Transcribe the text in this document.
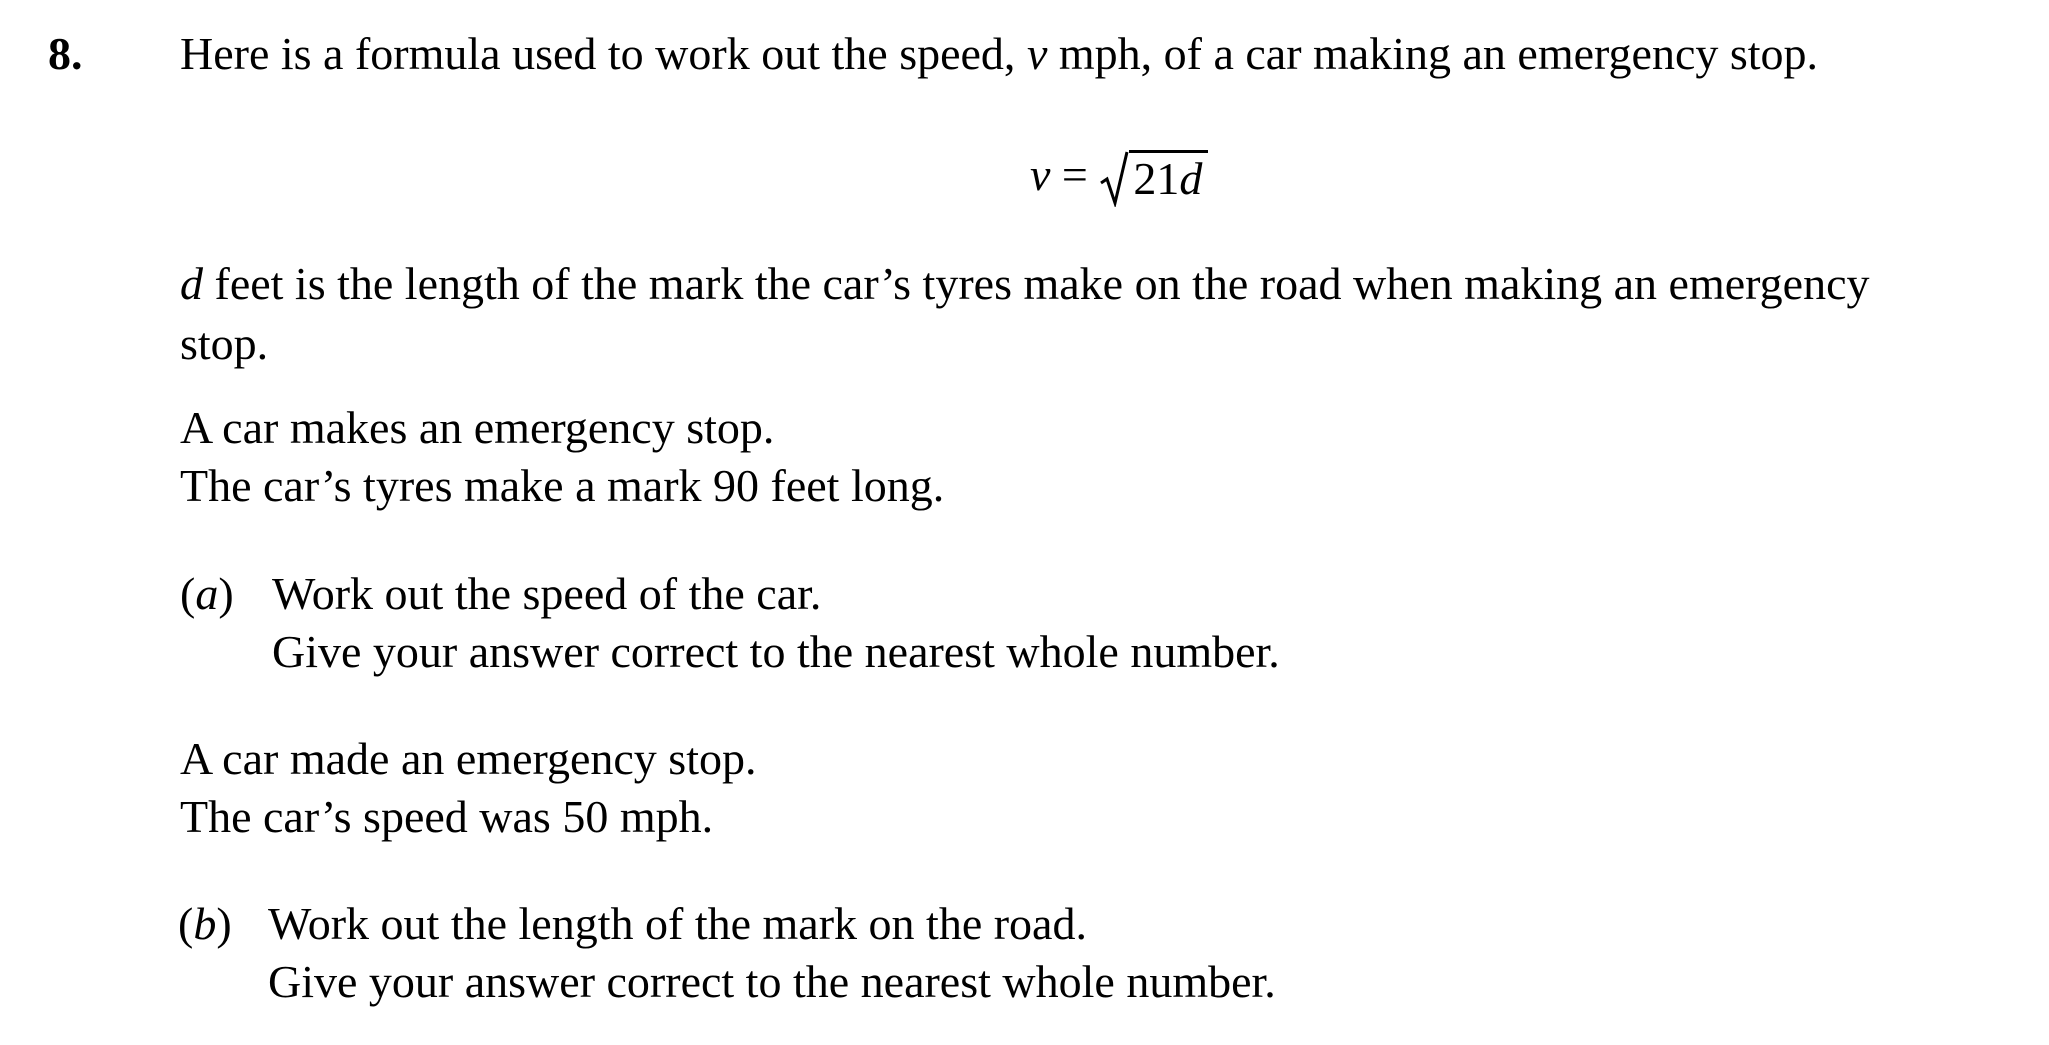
8. Here is a formula used to work out the speed, v mph, of a car making an emergency stop.
v = 21d
d feet is the length of the mark the car’s tyres make on the road when making an emergency
stop.
A car makes an emergency stop.
The car’s tyres make a mark 90 feet long.
(a) Work out the speed of the car.
Give your answer correct to the nearest whole number.
A car made an emergency stop.
The car’s speed was 50 mph.
(b) Work out the length of the mark on the road.
Give your answer correct to the nearest whole number.
